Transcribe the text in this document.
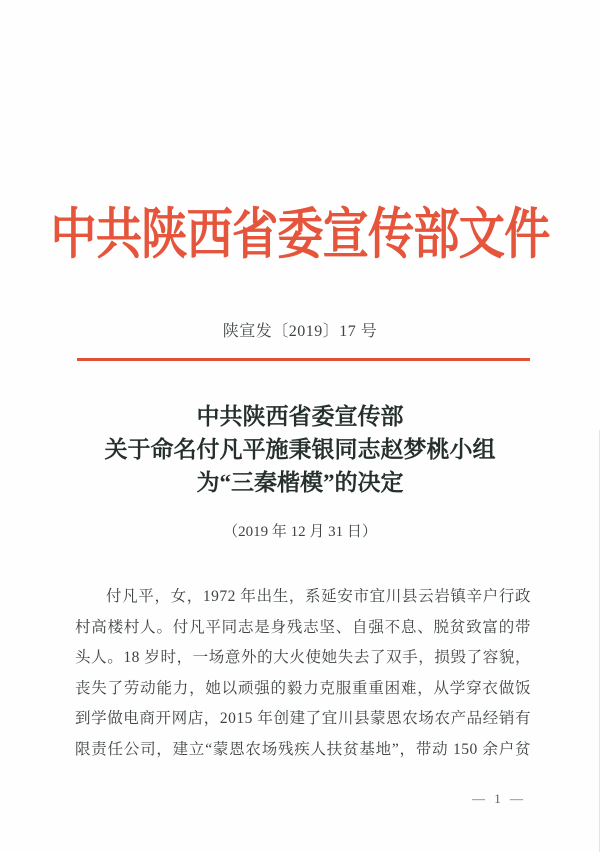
中共陕西省委宣传部文件
陕宣发〔2019〕17 号
中共陕西省委宣传部
关于命名付凡平施秉银同志赵梦桃小组
为“三秦楷模”的决定
（2019 年 12 月 31 日）
付凡平，女，1972 年出生，系延安市宜川县云岩镇辛户行政
村高楼村人。付凡平同志是身残志坚、自强不息、脱贫致富的带
头人。18 岁时，一场意外的大火使她失去了双手，损毁了容貌，
丧失了劳动能力，她以顽强的毅力克服重重困难，从学穿衣做饭
到学做电商开网店，2015 年创建了宜川县蒙恩农场农产品经销有
限责任公司，建立“蒙恩农场残疾人扶贫基地”，带动 150 余户贫
— 1 —
